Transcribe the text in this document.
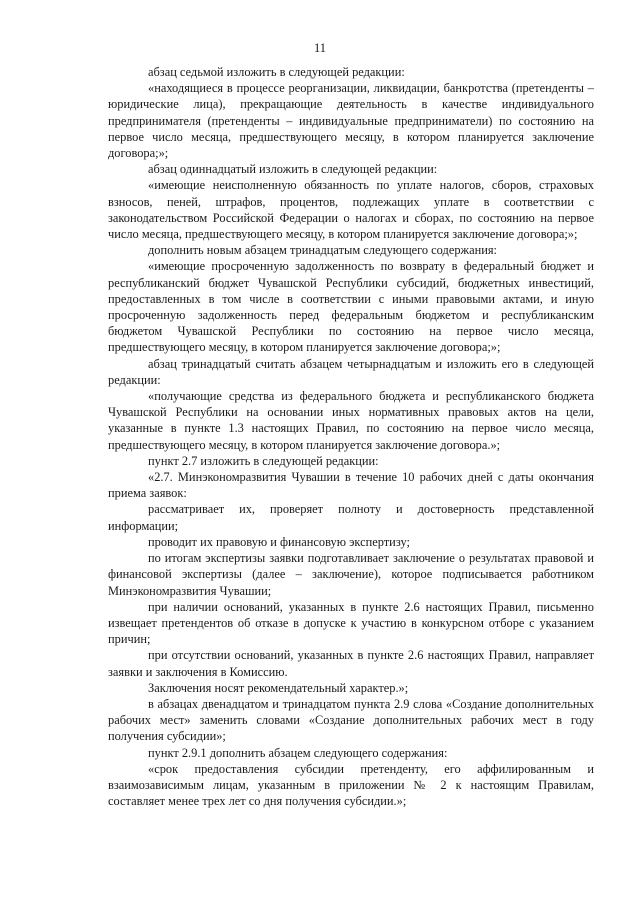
11

абзац седьмой изложить в следующей редакции:

«находящиеся в процессе реорганизации, ликвидации, банкротства (претенденты – юридические лица), прекращающие деятельность в качестве индивидуального предпринимателя (претенденты – индивидуальные предприниматели) по состоянию на первое число месяца, предшествующего месяцу, в котором планируется заключение договора;»;

абзац одиннадцатый изложить в следующей редакции:

«имеющие неисполненную обязанность по уплате налогов, сборов, страховых взносов, пеней, штрафов, процентов, подлежащих уплате в соответствии с законодательством Российской Федерации о налогах и сборах, по состоянию на первое число месяца, предшествующего месяцу, в котором планируется заключение договора;»;

дополнить новым абзацем тринадцатым следующего содержания:

«имеющие просроченную задолженность по возврату в федеральный бюджет и республиканский бюджет Чувашской Республики субсидий, бюджетных инвестиций, предоставленных в том числе в соответствии с иными правовыми актами, и иную просроченную задолженность перед федеральным бюджетом и республиканским бюджетом Чувашской Республики по состоянию на первое число месяца, предшествующего месяцу, в котором планируется заключение договора;»;

абзац тринадцатый считать абзацем четырнадцатым и изложить его в следующей редакции:

«получающие средства из федерального бюджета и республиканского бюджета Чувашской Республики на основании иных нормативных правовых актов на цели, указанные в пункте 1.3 настоящих Правил, по состоянию на первое число месяца, предшествующего месяцу, в котором планируется заключение договора.»;

пункт 2.7 изложить в следующей редакции:

«2.7. Минэкономразвития Чувашии в течение 10 рабочих дней с даты окончания приема заявок:

рассматривает их, проверяет полноту и достоверность представленной информации;

проводит их правовую и финансовую экспертизу;

по итогам экспертизы заявки подготавливает заключение о результатах правовой и финансовой экспертизы (далее – заключение), которое подписывается работником Минэкономразвития Чувашии;

при наличии оснований, указанных в пункте 2.6 настоящих Правил, письменно извещает претендентов об отказе в допуске к участию в конкурсном отборе с указанием причин;

при отсутствии оснований, указанных в пункте 2.6 настоящих Правил, направляет заявки и заключения в Комиссию.

Заключения носят рекомендательный характер.»;

в абзацах двенадцатом и тринадцатом пункта 2.9 слова «Создание дополнительных рабочих мест» заменить словами «Создание дополнительных рабочих мест в году получения субсидии»;

пункт 2.9.1 дополнить абзацем следующего содержания:

«срок предоставления субсидии претенденту, его аффилированным и взаимозависимым лицам, указанным в приложении № 2 к настоящим Правилам, составляет менее трех лет со дня получения субсидии.»;
